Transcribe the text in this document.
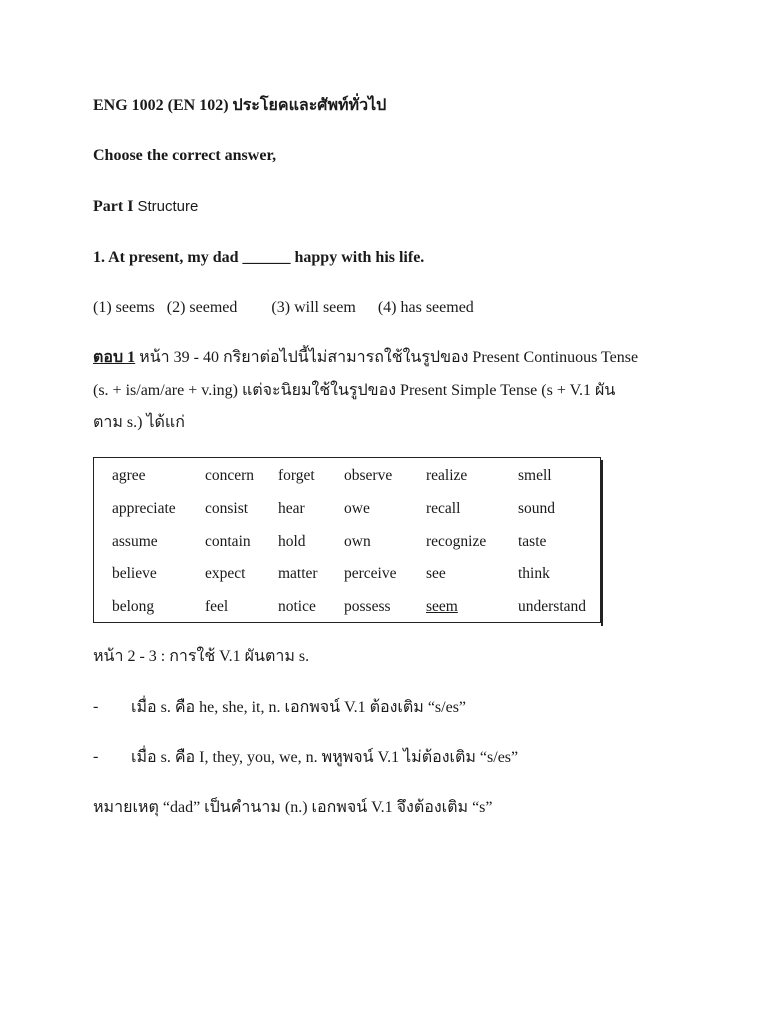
ENG 1002 (EN 102) ประโยคและศัพท์ทั่วไป
Choose the correct answer,
Part I Structure
1. At present, my dad ______ happy with his life.
(1) seems (2) seemed (3) will seem (4) has seemed
ตอบ 1 หน้า 39 - 40 กริยาต่อไปนี้ไม่สามารถใช้ในรูปของ Present Continuous Tense
(s. + is/am/are + v.ing) แต่จะนิยมใช้ในรูปของ Present Simple Tense (s + V.1 ผัน
ตาม s.) ได้แก่
agree	concern forget observe realize	smell
appreciate consist hear	owe	recall	sound
assume	contain hold own	recognize taste
believe	expect matter perceive see	think
belong	feel	notice possess seem	understand
หน้า 2 - 3 : การใช้ V.1 ผันตาม s.
- เมื่อ s. คือ he, she, it, n. เอกพจน์ V.1 ต้องเติม “s/es”
- เมื่อ s. คือ I, they, you, we, n. พหูพจน์ V.1 ไม่ต้องเติม “s/es”
หมายเหตุ “dad” เป็นคำนาม (n.) เอกพจน์ V.1 จึงต้องเติม “s”
